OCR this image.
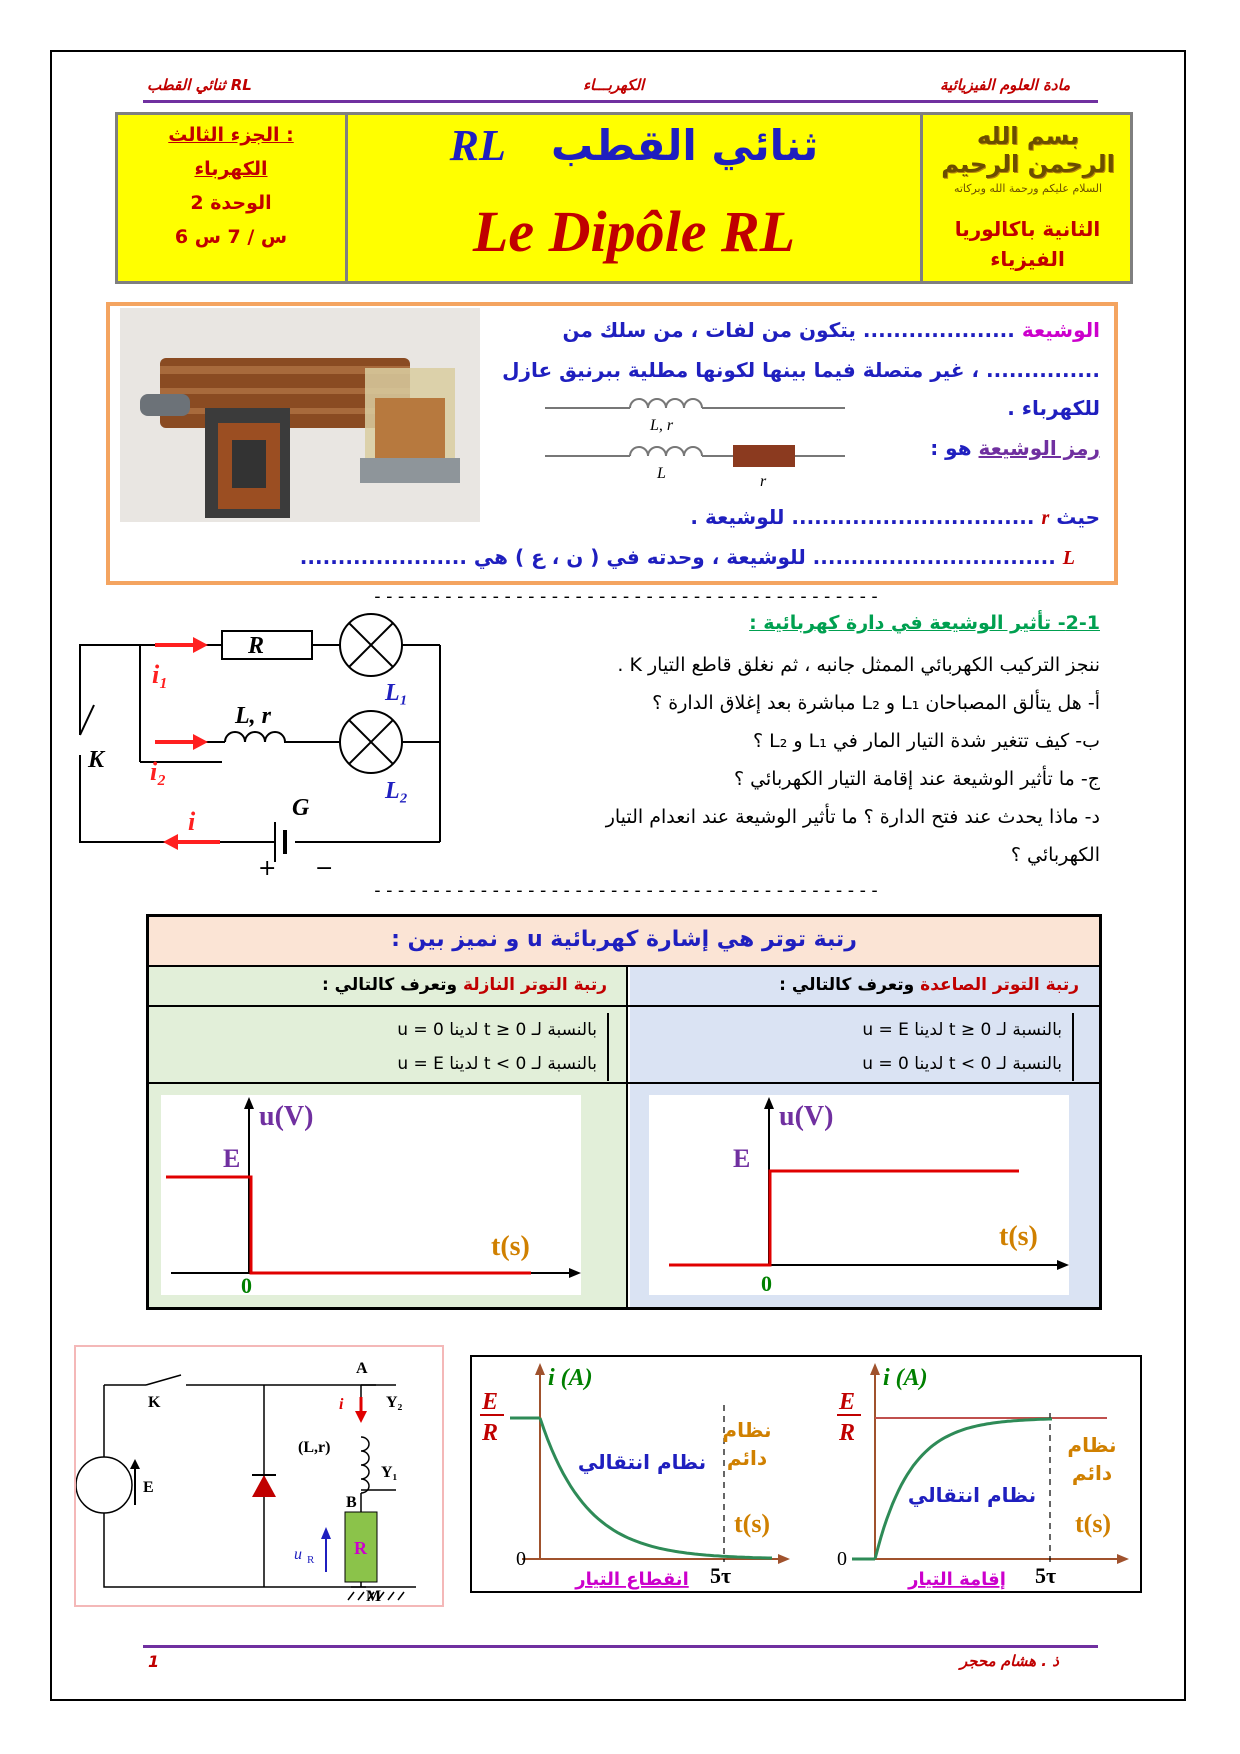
ثنائي القطب RL	الكهربـــاء	مادة العلوم الفيزيائية
الجزء الثالث :
الكهرباء
الوحدة 2
6 س / 7 س
RL ثنائي القطب
Le Dipôle RL
بسم الله الرحمن الرحيم
السلام عليكم ورحمة الله وبركاته
الثانية باكالوريا
الفيزياء
الوشيعة .................... يتكون من لفات ، من سلك من
............... ، غير متصلة فيما بينها لكونها مطلية ببرنيق عازل
للكهرباء .
رمز الوشيعة هو :
L, r
L	r
حيث r ................................ للوشيعة .
L ................................ للوشيعة ، وحدته في ( ن ، ع ) هي ......................
-------------------------------------------
2-1- تأثير الوشيعة في دارة كهربائية :
ننجز التركيب الكهربائي الممثل جانبه ، ثم نغلق قاطع التيار K .
أ- هل يتألق المصباحان L₁ و L₂ مباشرة بعد إغلاق الدارة ؟
ب- كيف تتغير شدة التيار المار في L₁ و L₂ ؟
ج- ما تأثير الوشيعة عند إقامة التيار الكهربائي ؟
د- ماذا يحدث عند فتح الدارة ؟ ما تأثير الوشيعة عند انعدام التيار
الكهربائي ؟
R
L, r
L₁
L₂
i₁
i₂
i
K
G
+ −
-------------------------------------------
رتبة توتر هي إشارة كهربائية u و نميز بين :
رتبة التوتر النازلة وتعرف كالتالي :	رتبة التوتر الصاعدة وتعرف كالتالي :
بالنسبة لـ t ≥ 0 لدينا u = 0
بالنسبة لـ t < 0 لدينا u = E
بالنسبة لـ t ≥ 0 لدينا u = E
بالنسبة لـ t < 0 لدينا u = 0
u(V)
t(s)
E
0
u(V)
t(s)
E
0
A
K	i	Y₂
(L,r)
Y₁
B
E
u R
R
M
E
R
i (A)
t(s)
0
5τ
نظام انتقالي
نظام
دائم
انقطاع التيار
E
R
i (A)
t(s)
0
5τ
نظام انتقالي
نظام
دائم
إقامة التيار
1	ذ . هشام محجر
